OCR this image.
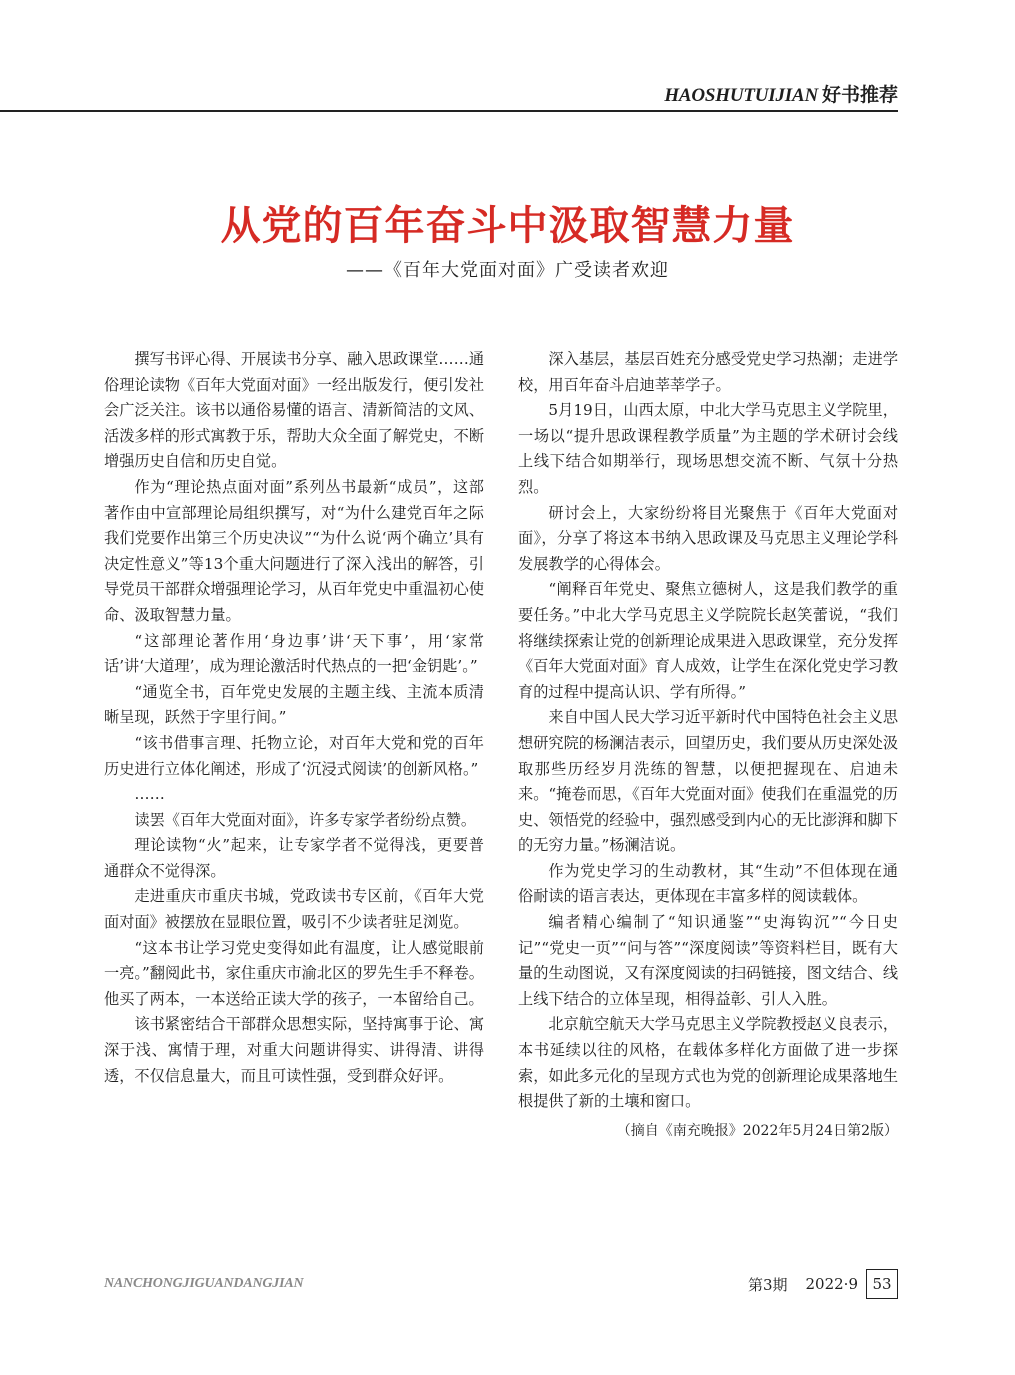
HAOSHUTUIJIAN 好书推荐
从党的百年奋斗中汲取智慧力量
——《百年大党面对面》广受读者欢迎

撰写书评心得、开展读书分享、融入思政课堂……通俗理论读物《百年大党面对面》一经出版发行，便引发社会广泛关注。该书以通俗易懂的语言、清新简洁的文风、活泼多样的形式寓教于乐，帮助大众全面了解党史，不断增强历史自信和历史自觉。

作为“理论热点面对面”系列丛书最新“成员”，这部著作由中宣部理论局组织撰写，对“为什么建党百年之际我们党要作出第三个历史决议”“为什么说‘两个确立’具有决定性意义”等13个重大问题进行了深入浅出的解答，引导党员干部群众增强理论学习，从百年党史中重温初心使命、汲取智慧力量。

“这部理论著作用‘身边事’讲‘天下事’，用‘家常话’讲‘大道理’，成为理论激活时代热点的一把‘金钥匙’。”

“通览全书，百年党史发展的主题主线、主流本质清晰呈现，跃然于字里行间。”

“该书借事言理、托物立论，对百年大党和党的百年历史进行立体化阐述，形成了‘沉浸式阅读’的创新风格。”

……

读罢《百年大党面对面》，许多专家学者纷纷点赞。

理论读物“火”起来，让专家学者不觉得浅，更要普通群众不觉得深。

走进重庆市重庆书城，党政读书专区前，《百年大党面对面》被摆放在显眼位置，吸引不少读者驻足浏览。

“这本书让学习党史变得如此有温度，让人感觉眼前一亮。”翻阅此书，家住重庆市渝北区的罗先生手不释卷。他买了两本，一本送给正读大学的孩子，一本留给自己。

该书紧密结合干部群众思想实际，坚持寓事于论、寓深于浅、寓情于理，对重大问题讲得实、讲得清、讲得透，不仅信息量大，而且可读性强，受到群众好评。

深入基层，基层百姓充分感受党史学习热潮；走进学校，用百年奋斗启迪莘莘学子。

5月19日，山西太原，中北大学马克思主义学院里，一场以“提升思政课程教学质量”为主题的学术研讨会线上线下结合如期举行，现场思想交流不断、气氛十分热烈。

研讨会上，大家纷纷将目光聚焦于《百年大党面对面》，分享了将这本书纳入思政课及马克思主义理论学科发展教学的心得体会。

“阐释百年党史、聚焦立德树人，这是我们教学的重要任务。”中北大学马克思主义学院院长赵笑蕾说，“我们将继续探索让党的创新理论成果进入思政课堂，充分发挥《百年大党面对面》育人成效，让学生在深化党史学习教育的过程中提高认识、学有所得。”

来自中国人民大学习近平新时代中国特色社会主义思想研究院的杨澜洁表示，回望历史，我们要从历史深处汲取那些历经岁月洗练的智慧，以便把握现在、启迪未来。“掩卷而思，《百年大党面对面》使我们在重温党的历史、领悟党的经验中，强烈感受到内心的无比澎湃和脚下的无穷力量。”杨澜洁说。

作为党史学习的生动教材，其“生动”不但体现在通俗耐读的语言表达，更体现在丰富多样的阅读载体。

编者精心编制了“知识通鉴”“史海钩沉”“今日史记”“党史一页”“问与答”“深度阅读”等资料栏目，既有大量的生动图说，又有深度阅读的扫码链接，图文结合、线上线下结合的立体呈现，相得益彰、引人入胜。

北京航空航天大学马克思主义学院教授赵义良表示，本书延续以往的风格，在载体多样化方面做了进一步探索，如此多元化的呈现方式也为党的创新理论成果落地生根提供了新的土壤和窗口。

（摘自《南充晚报》2022年5月24日第2版）

NANCHONGJIGUANDANGJIAN	第3期 2022·9 53
